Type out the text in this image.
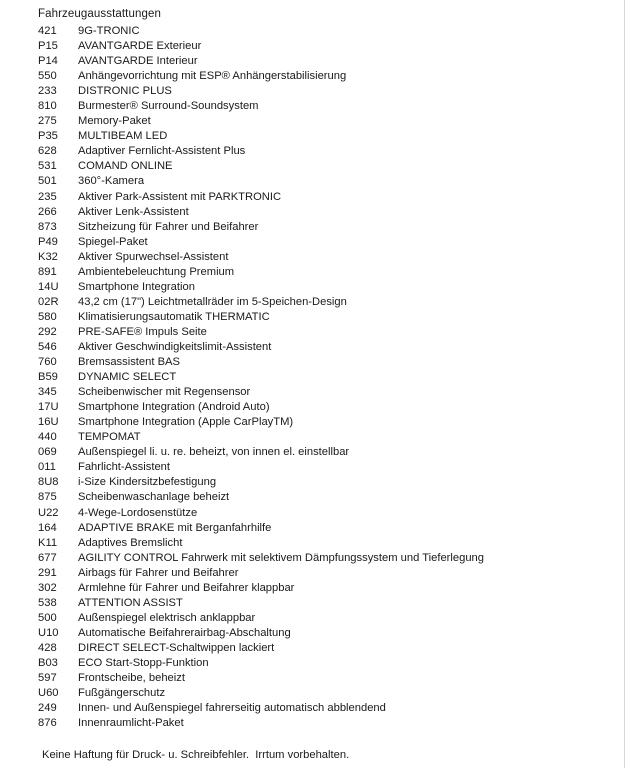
Fahrzeugausstattungen
421	9G-TRONIC
P15	AVANTGARDE Exterieur
P14	AVANTGARDE Interieur
550	Anhängevorrichtung mit ESP® Anhängerstabilisierung
233	DISTRONIC PLUS
810	Burmester® Surround-Soundsystem
275	Memory-Paket
P35	MULTIBEAM LED
628	Adaptiver Fernlicht-Assistent Plus
531	COMAND ONLINE
501	360°-Kamera
235	Aktiver Park-Assistent mit PARKTRONIC
266	Aktiver Lenk-Assistent
873	Sitzheizung für Fahrer und Beifahrer
P49	Spiegel-Paket
K32	Aktiver Spurwechsel-Assistent
891	Ambientebeleuchtung Premium
14U	Smartphone Integration
02R	43,2 cm (17") Leichtmetallräder im 5-Speichen-Design
580	Klimatisierungsautomatik THERMATIC
292	PRE-SAFE® Impuls Seite
546	Aktiver Geschwindigkeitslimit-Assistent
760	Bremsassistent BAS
B59	DYNAMIC SELECT
345	Scheibenwischer mit Regensensor
17U	Smartphone Integration (Android Auto)
16U	Smartphone Integration (Apple CarPlayTM)
440	TEMPOMAT
069	Außenspiegel li. u. re. beheizt, von innen el. einstellbar
011	Fahrlicht-Assistent
8U8	i-Size Kindersitzbefestigung
875	Scheibenwaschanlage beheizt
U22	4-Wege-Lordosenstütze
164	ADAPTIVE BRAKE mit Berganfahrhilfe
K11	Adaptives Bremslicht
677	AGILITY CONTROL Fahrwerk mit selektivem Dämpfungssystem und Tieferlegung
291	Airbags für Fahrer und Beifahrer
302	Armlehne für Fahrer und Beifahrer klappbar
538	ATTENTION ASSIST
500	Außenspiegel elektrisch anklappbar
U10	Automatische Beifahrerairbag-Abschaltung
428	DIRECT SELECT-Schaltwippen lackiert
B03	ECO Start-Stopp-Funktion
597	Frontscheibe, beheizt
U60	Fußgängerschutz
249	Innen- und Außenspiegel fahrerseitig automatisch abblendend
876	Innenraumlicht-Paket
Keine Haftung für Druck- u. Schreibfehler.  Irrtum vorbehalten.
